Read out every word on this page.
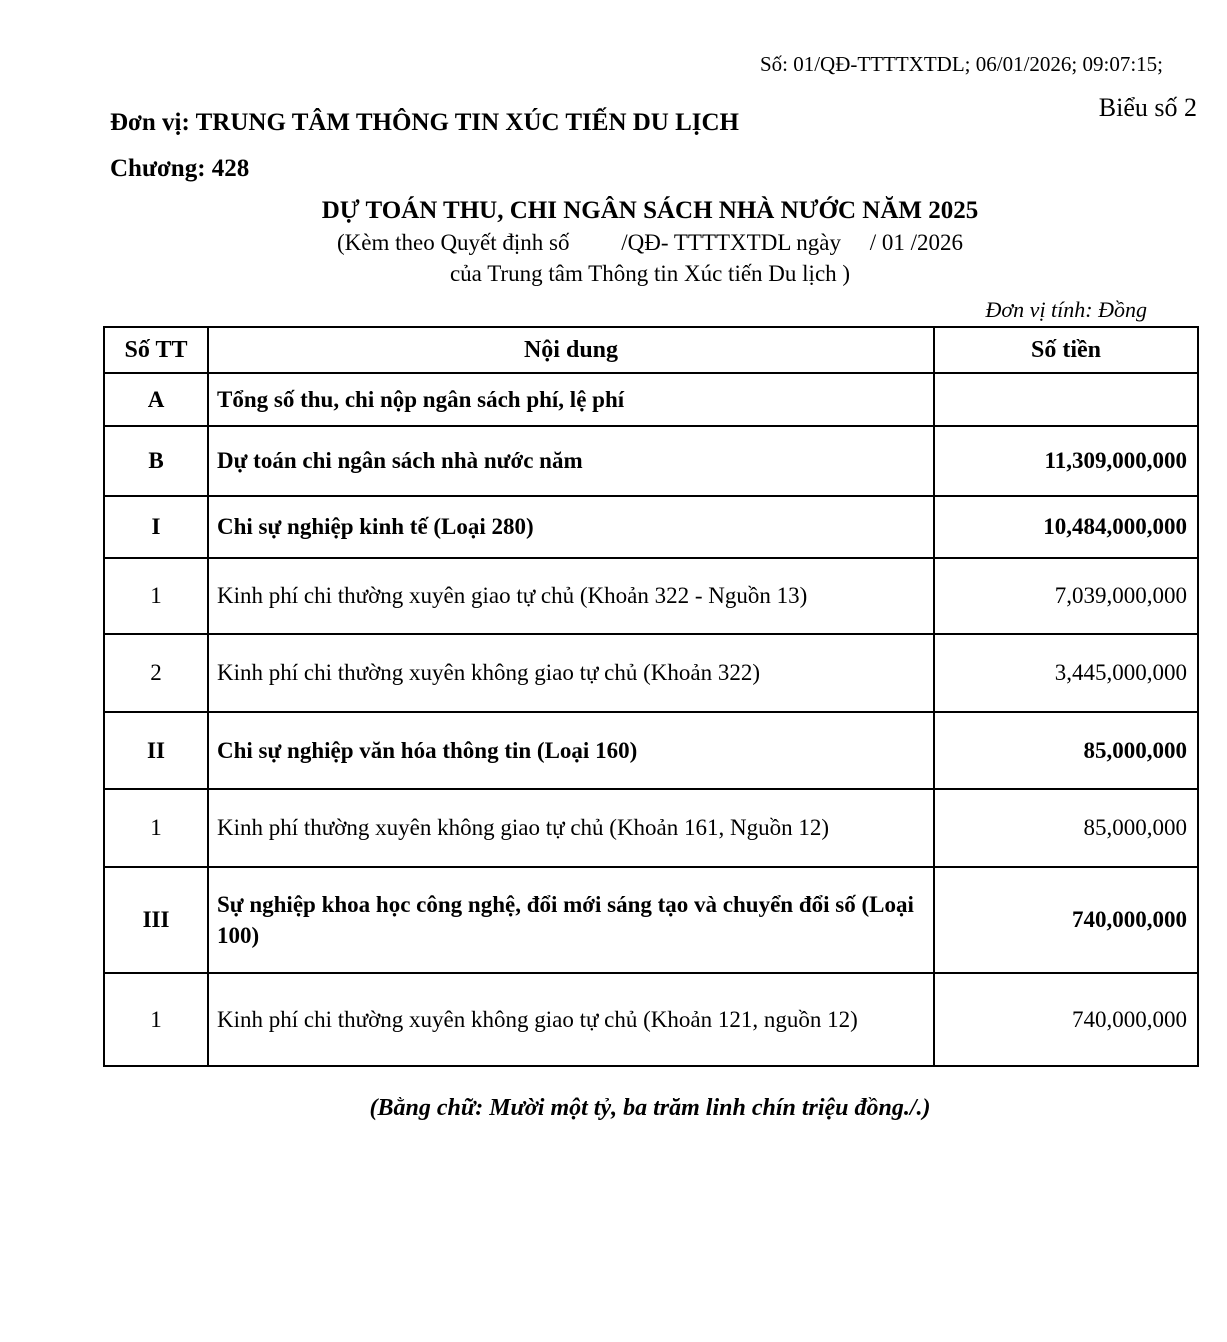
Số: 01/QĐ-TTTTXTDL; 06/01/2026; 09:07:15;
Đơn vị: TRUNG TÂM THÔNG TIN XÚC TIẾN DU LỊCH
Biểu số 2
Chương: 428
DỰ TOÁN THU, CHI NGÂN SÁCH NHÀ NƯỚC NĂM 2025
(Kèm theo Quyết định số         /QĐ- TTTTXTDL ngày     / 01 /2026
của Trung tâm Thông tin Xúc tiến Du lịch )
Đơn vị tính: Đồng
Số TT	Nội dung	Số tiền
A	Tổng số thu, chi nộp ngân sách phí, lệ phí	
B	Dự toán chi ngân sách nhà nước năm	11,309,000,000
I	Chi sự nghiệp kinh tế (Loại 280)	10,484,000,000
1	Kinh phí chi thường xuyên giao tự chủ (Khoản 322 - Nguồn 13)	7,039,000,000
2	Kinh phí chi thường xuyên không giao tự chủ (Khoản 322)	3,445,000,000
II	Chi sự nghiệp văn hóa thông tin (Loại 160)	85,000,000
1	Kinh phí thường xuyên không giao tự chủ (Khoản 161, Nguồn 12)	85,000,000
III	Sự nghiệp khoa học công nghệ, đổi mới sáng tạo và chuyển đổi số (Loại 100)	740,000,000
1	Kinh phí chi thường xuyên không giao tự chủ (Khoản 121, nguồn 12)	740,000,000
(Bằng chữ: Mười một tỷ, ba trăm linh chín triệu đồng./.)
